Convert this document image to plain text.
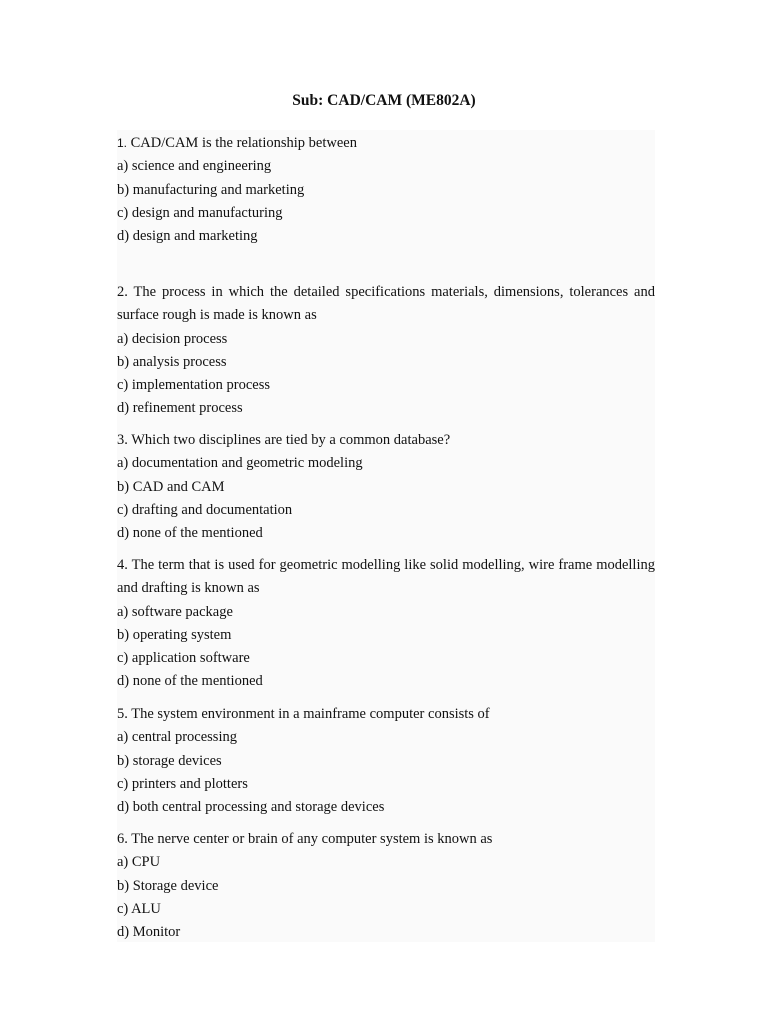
Sub: CAD/CAM (ME802A)

1. CAD/CAM is the relationship between

a) science and engineering

b) manufacturing and marketing

c) design and manufacturing

d) design and marketing

2. The process in which the detailed specifications materials, dimensions, tolerances and surface rough is made is known as

a) decision process

b) analysis process

c) implementation process

d) refinement process

3. Which two disciplines are tied by a common database?

a) documentation and geometric modeling

b) CAD and CAM

c) drafting and documentation

d) none of the mentioned

4. The term that is used for geometric modelling like solid modelling, wire frame modelling and drafting is known as

a) software package

b) operating system

c) application software

d) none of the mentioned

5. The system environment in a mainframe computer consists of

a) central processing

b) storage devices

c) printers and plotters

d) both central processing and storage devices

6. The nerve center or brain of any computer system is known as

a) CPU

b) Storage device

c) ALU

d) Monitor
